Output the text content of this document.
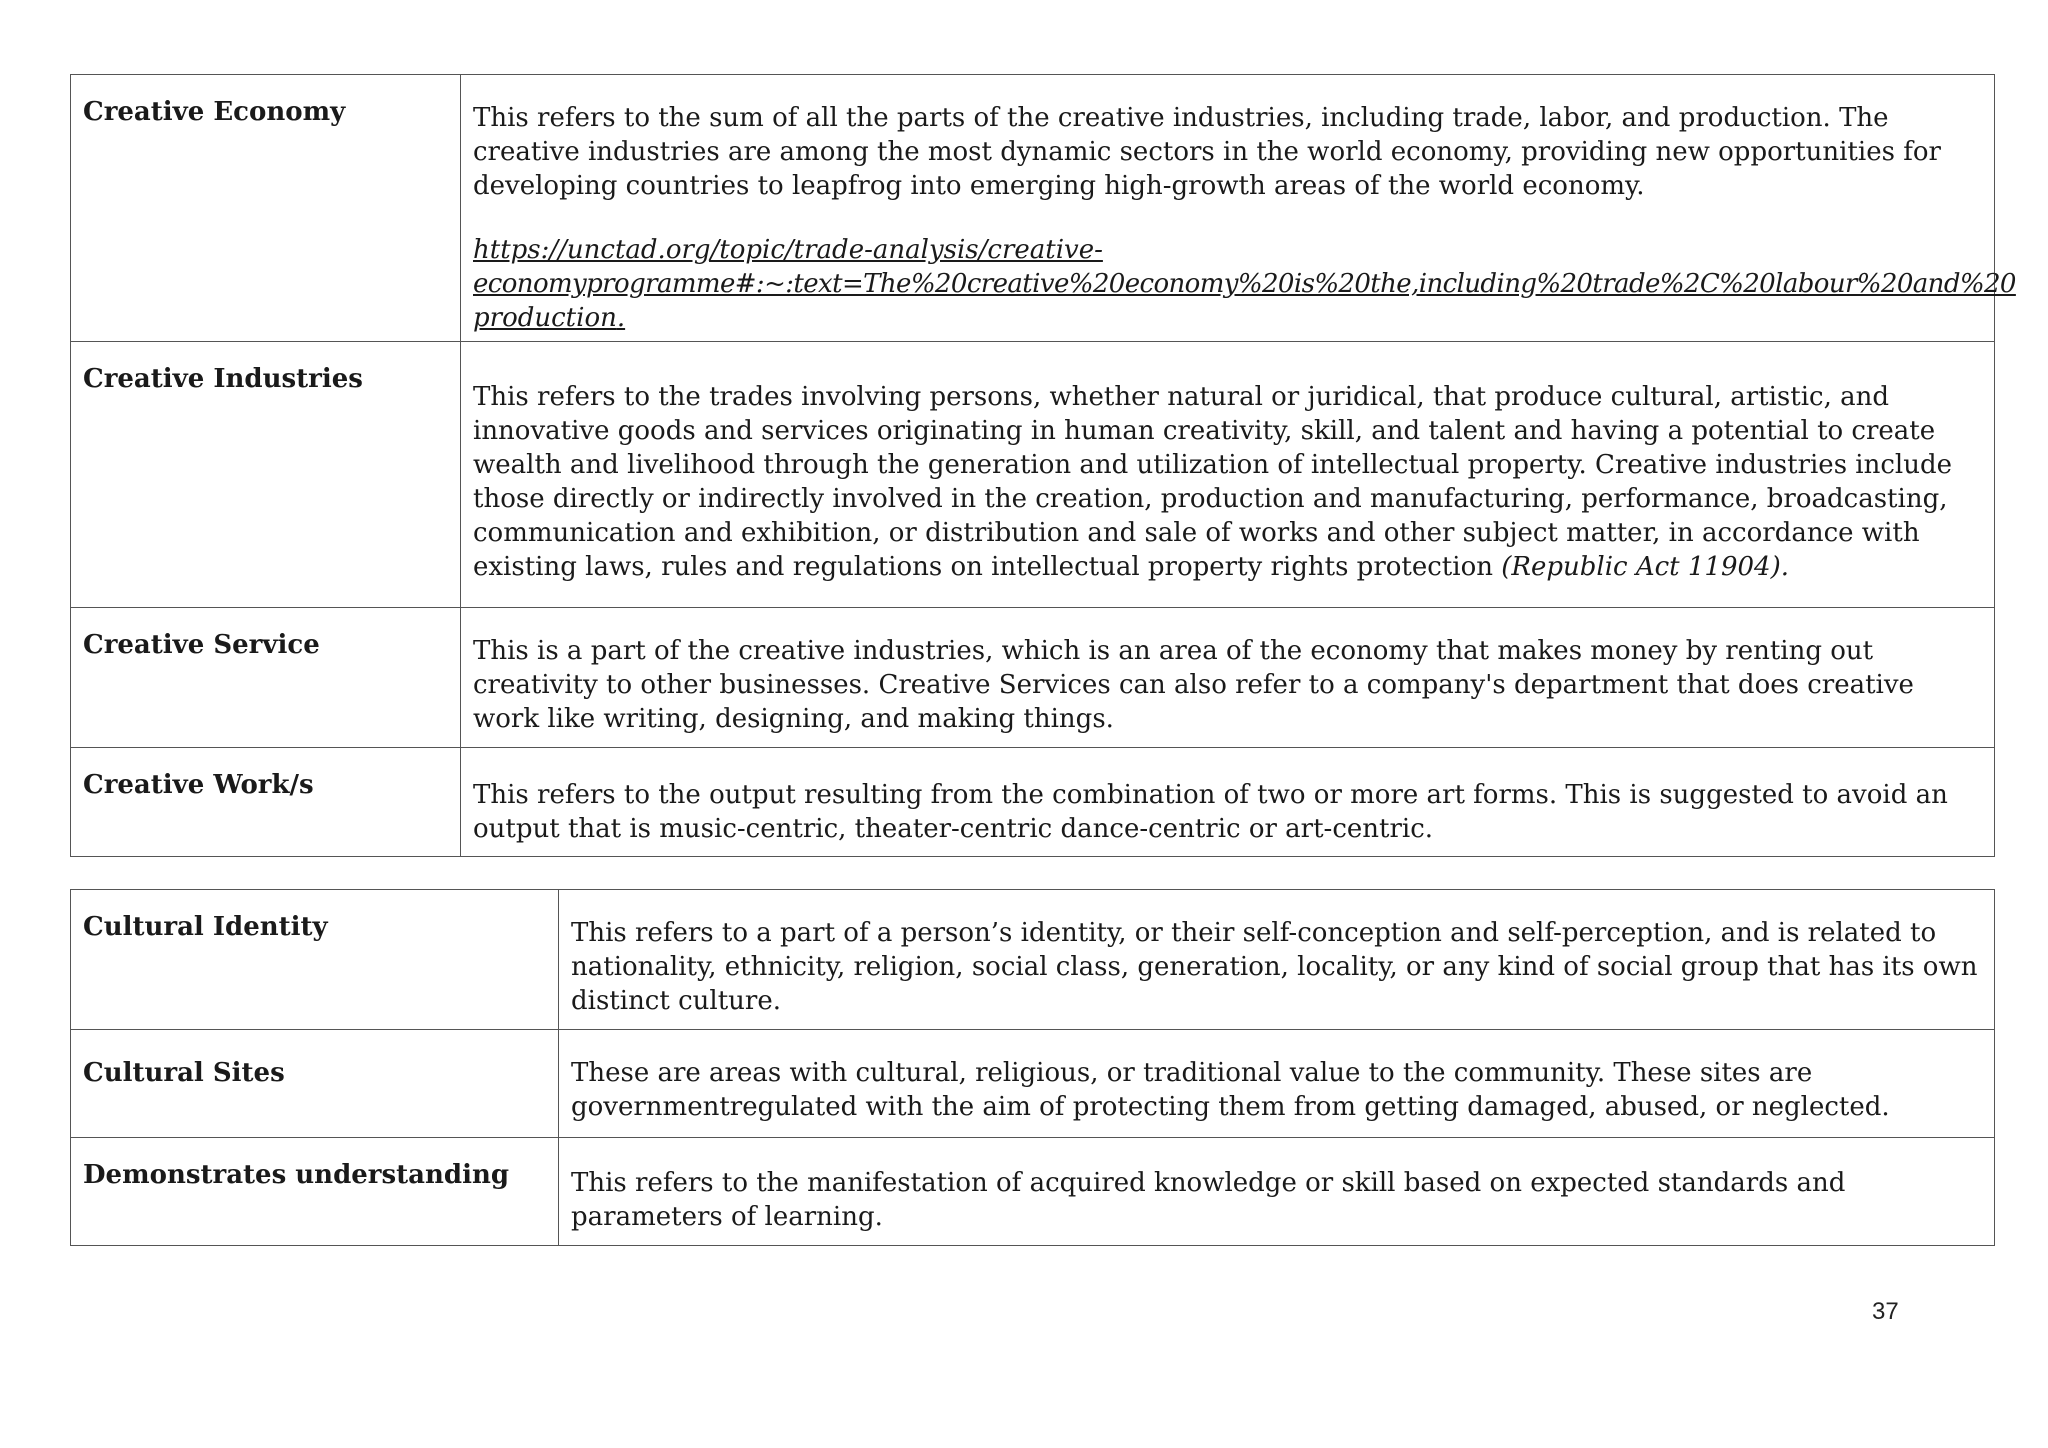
Creative Economy	This refers to the sum of all the parts of the creative industries, including trade, labor, and production. The creative industries are among the most dynamic sectors in the world economy, providing new opportunities for developing countries to leapfrog into emerging high-growth areas of the world economy.
https://unctad.org/topic/trade-analysis/creative-
economyprogramme#:~:text=The%20creative%20economy%20is%20the,including%20trade%2C%20labour%20and%20
production.

Creative Industries	This refers to the trades involving persons, whether natural or juridical, that produce cultural, artistic, and innovative goods and services originating in human creativity, skill, and talent and having a potential to create wealth and livelihood through the generation and utilization of intellectual property. Creative industries include those directly or indirectly involved in the creation, production and manufacturing, performance, broadcasting, communication and exhibition, or distribution and sale of works and other subject matter, in accordance with existing laws, rules and regulations on intellectual property rights protection (Republic Act 11904).
Creative Service	This is a part of the creative industries, which is an area of the economy that makes money by renting out creativity to other businesses. Creative Services can also refer to a company's department that does creative work like writing, designing, and making things.
Creative Work/s	This refers to the output resulting from the combination of two or more art forms. This is suggested to avoid an output that is music-centric, theater-centric dance-centric or art-centric.
Cultural Identity	This refers to a part of a person’s identity, or their self-conception and self-perception, and is related to nationality, ethnicity, religion, social class, generation, locality, or any kind of social group that has its own distinct culture.
Cultural Sites	These are areas with cultural, religious, or traditional value to the community. These sites are governmentregulated with the aim of protecting them from getting damaged, abused, or neglected.
Demonstrates understanding	This refers to the manifestation of acquired knowledge or skill based on expected standards and parameters of learning.
37
